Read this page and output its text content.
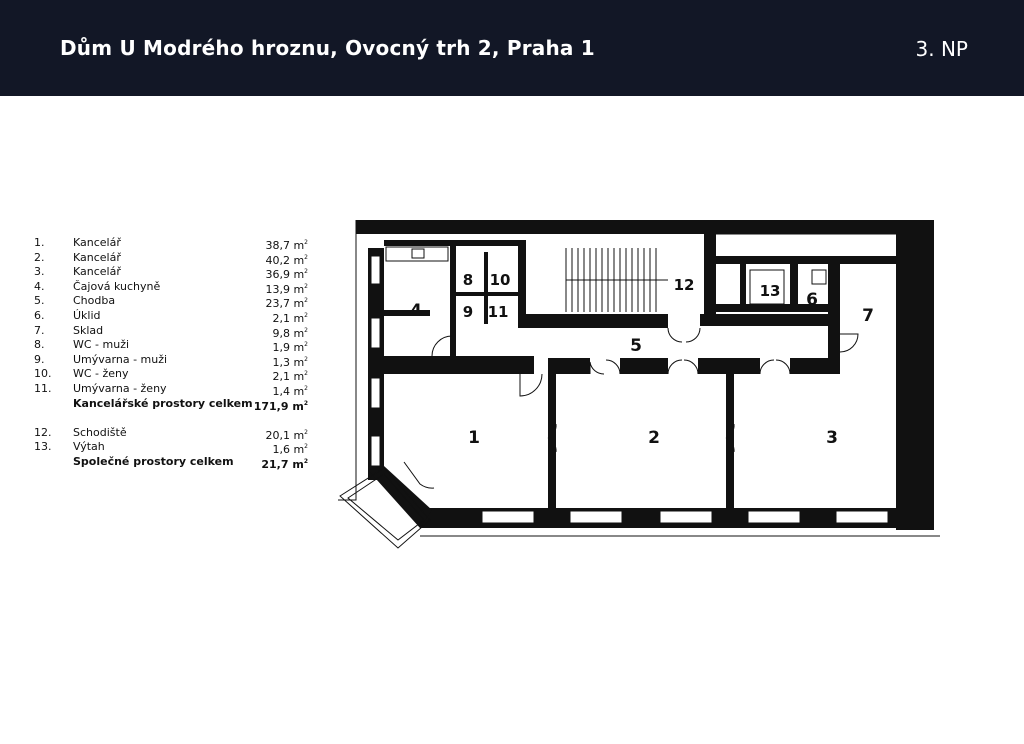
Dům U Modrého hroznu, Ovocný trh 2, Praha 1	3. NP
1.	Kancelář	38,7 $m^2$
2.	Kancelář	40,2 $m^2$
3.	Kancelář	36,9 $m^2$
4.	Čajová kuchyně	13,9 $m^2$
5.	Chodba	23,7 $m^2$
6.	Úklid	2,1 $m^2$
7.	Sklad	9,8 $m^2$
8.	WC - muži	1,9 $m^2$
9.	Umývarna - muži	1,3 $m^2$
10. WC - ženy	2,1 $m^2$
11. Umývarna - ženy	1,4 $m^2$
Kancelářské prostory celkem 171,9 $m^2$
12. Schodiště	20,1 $m^2$
13. Výtah	1,6 $m^2$
Společné prostory celkem	21,7 $m^2$
1	2	3
4
5
6
7
8
9
10
11
12	13
